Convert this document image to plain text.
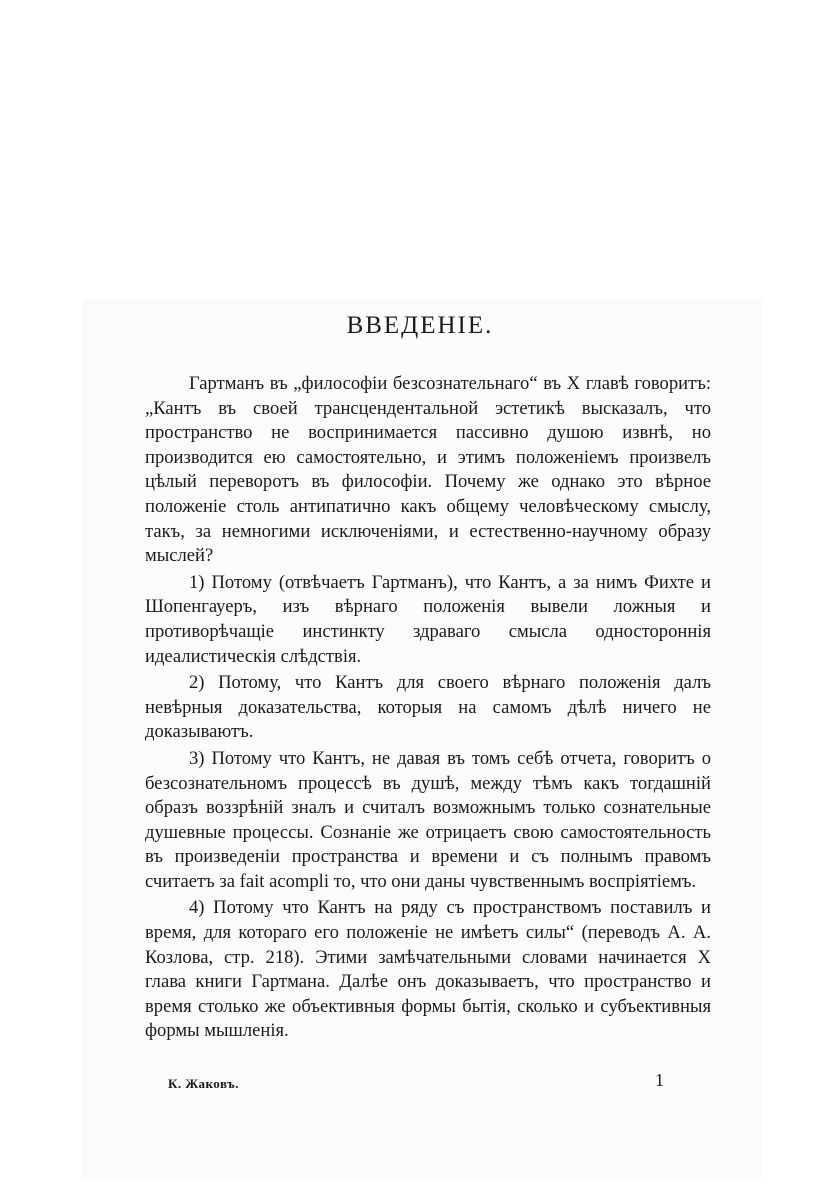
ВВЕДЕНIЕ.

Гартманъ въ „философiи безсознательнаго“ въ X главѣ говоритъ: „Кантъ въ своей трансцендентальной эстетикѣ высказалъ, что пространство не воспринимается пассивно душою извнѣ, но производится ею самостоятельно, и этимъ положенiемъ произвелъ цѣлый переворотъ въ философiи. Почему же однако это вѣрное положенiе столь антипатично какъ общему человѣческому смыслу, такъ, за немногими исключенiями, и естественно-научному образу мыслей?

1) Потому (отвѣчаетъ Гартманъ), что Кантъ, а за нимъ Фихте и Шопенгауеръ, изъ вѣрнаго положенiя вывели ложныя и противорѣчащiе инстинкту здраваго смысла одностороннiя идеалистическiя слѣдствiя.

2) Потому, что Кантъ для своего вѣрнаго положенiя далъ невѣрныя доказательства, которыя на самомъ дѣлѣ ничего не доказываютъ.

3) Потому что Кантъ, не давая въ томъ себѣ отчета, говоритъ о безсознательномъ процессѣ въ душѣ, между тѣмъ какъ тогдашнiй образъ воззрѣнiй зналъ и считалъ возможнымъ только сознательные душевные процессы. Сознанiе же отрицаетъ свою самостоятельность въ произведенiи пространства и времени и съ полнымъ правомъ считаетъ за fait acompli то, что они даны чувственнымъ воспрiятiемъ.

4) Потому что Кантъ на ряду съ пространствомъ поставилъ и время, для котораго его положенiе не имѣетъ силы“ (переводъ А. А. Козлова, стр. 218). Этими замѣчательными словами начинается X глава книги Гартмана. Далѣе онъ доказываетъ, что пространство и время столько же объективныя формы бытiя, сколько и субъективныя формы мышленiя.

К. Жаковъ.	1
